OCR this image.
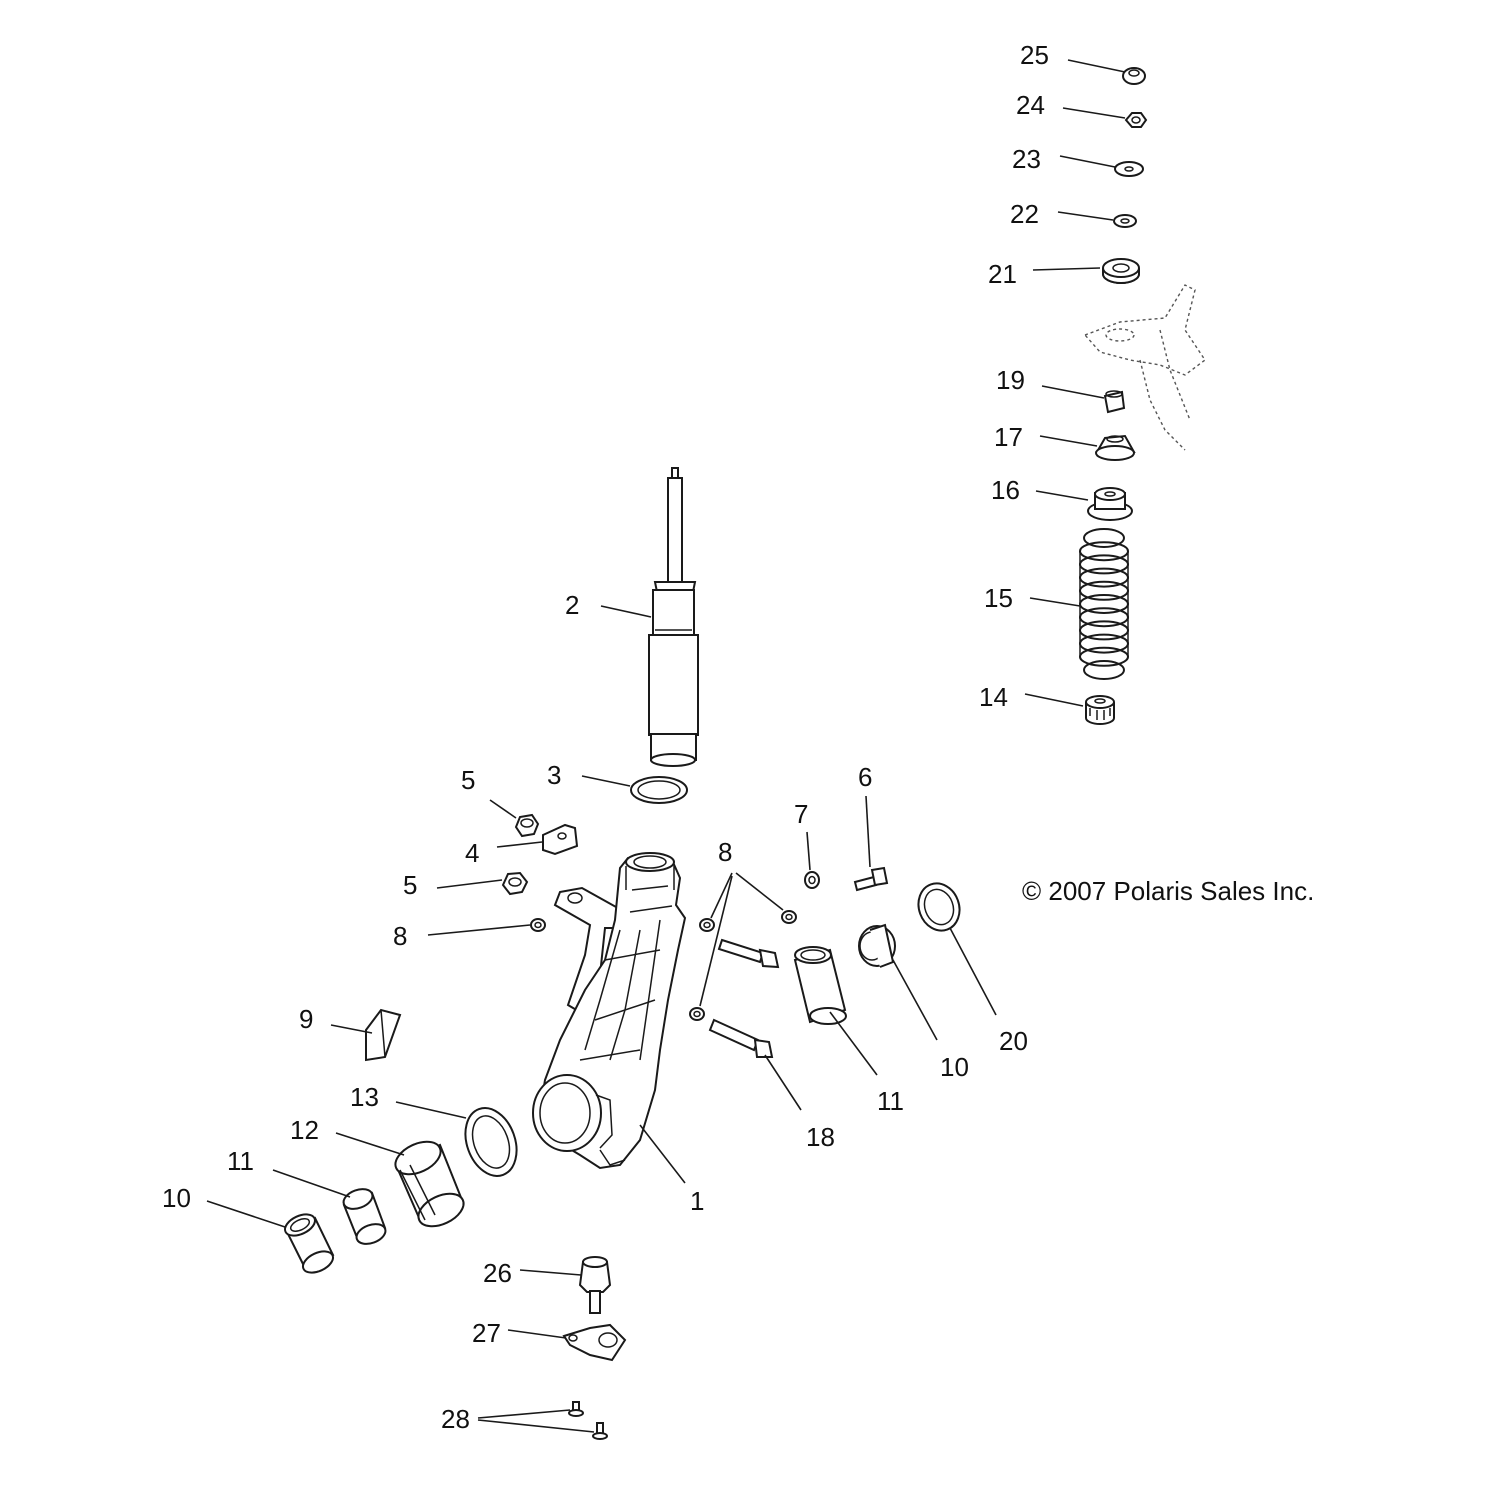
© 2007 Polaris Sales Inc.
25
24
23
22
21
19
17
16
15
14
2
3
5
4
5
8
9
1
8
7
6
18
11
10
20
13
12
11
10
26
27
28
